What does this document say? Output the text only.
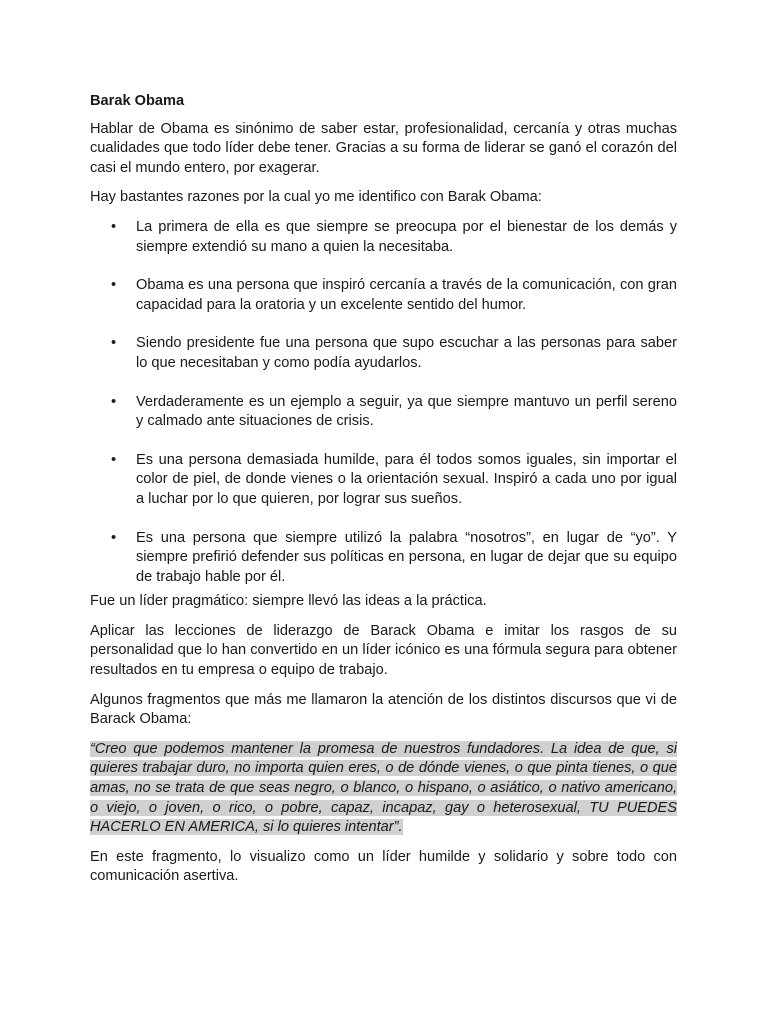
Barak Obama

Hablar de Obama es sinónimo de saber estar, profesionalidad, cercanía y otras muchas cualidades que todo líder debe tener. Gracias a su forma de liderar se ganó el corazón del casi el mundo entero, por exagerar.

Hay bastantes razones por la cual yo me identifico con Barak Obama:

• La primera de ella es que siempre se preocupa por el bienestar de los demás y siempre extendió su mano a quien la necesitaba.
• Obama es una persona que inspiró cercanía a través de la comunicación, con gran capacidad para la oratoria y un excelente sentido del humor.
• Siendo presidente fue una persona que supo escuchar a las personas para saber lo que necesitaban y como podía ayudarlos.
• Verdaderamente es un ejemplo a seguir, ya que siempre mantuvo un perfil sereno y calmado ante situaciones de crisis.
• Es una persona demasiada humilde, para él todos somos iguales, sin importar el color de piel, de donde vienes o la orientación sexual. Inspiró a cada uno por igual a luchar por lo que quieren, por lograr sus sueños.
• Es una persona que siempre utilizó la palabra “nosotros”, en lugar de “yo”. Y siempre prefirió defender sus políticas en persona, en lugar de dejar que su equipo de trabajo hable por él.

Fue un líder pragmático: siempre llevó las ideas a la práctica.

Aplicar las lecciones de liderazgo de Barack Obama e imitar los rasgos de su personalidad que lo han convertido en un líder icónico es una fórmula segura para obtener resultados en tu empresa o equipo de trabajo.

Algunos fragmentos que más me llamaron la atención de los distintos discursos que vi de Barack Obama:

“Creo que podemos mantener la promesa de nuestros fundadores. La idea de que, si quieres trabajar duro, no importa quien eres, o de dónde vienes, o que pinta tienes, o que amas, no se trata de que seas negro, o blanco, o hispano, o asiático, o nativo americano, o viejo, o joven, o rico, o pobre, capaz, incapaz, gay o heterosexual, TU PUEDES HACERLO EN AMERICA, si lo quieres intentar”.

En este fragmento, lo visualizo como un líder humilde y solidario y sobre todo con comunicación asertiva.
